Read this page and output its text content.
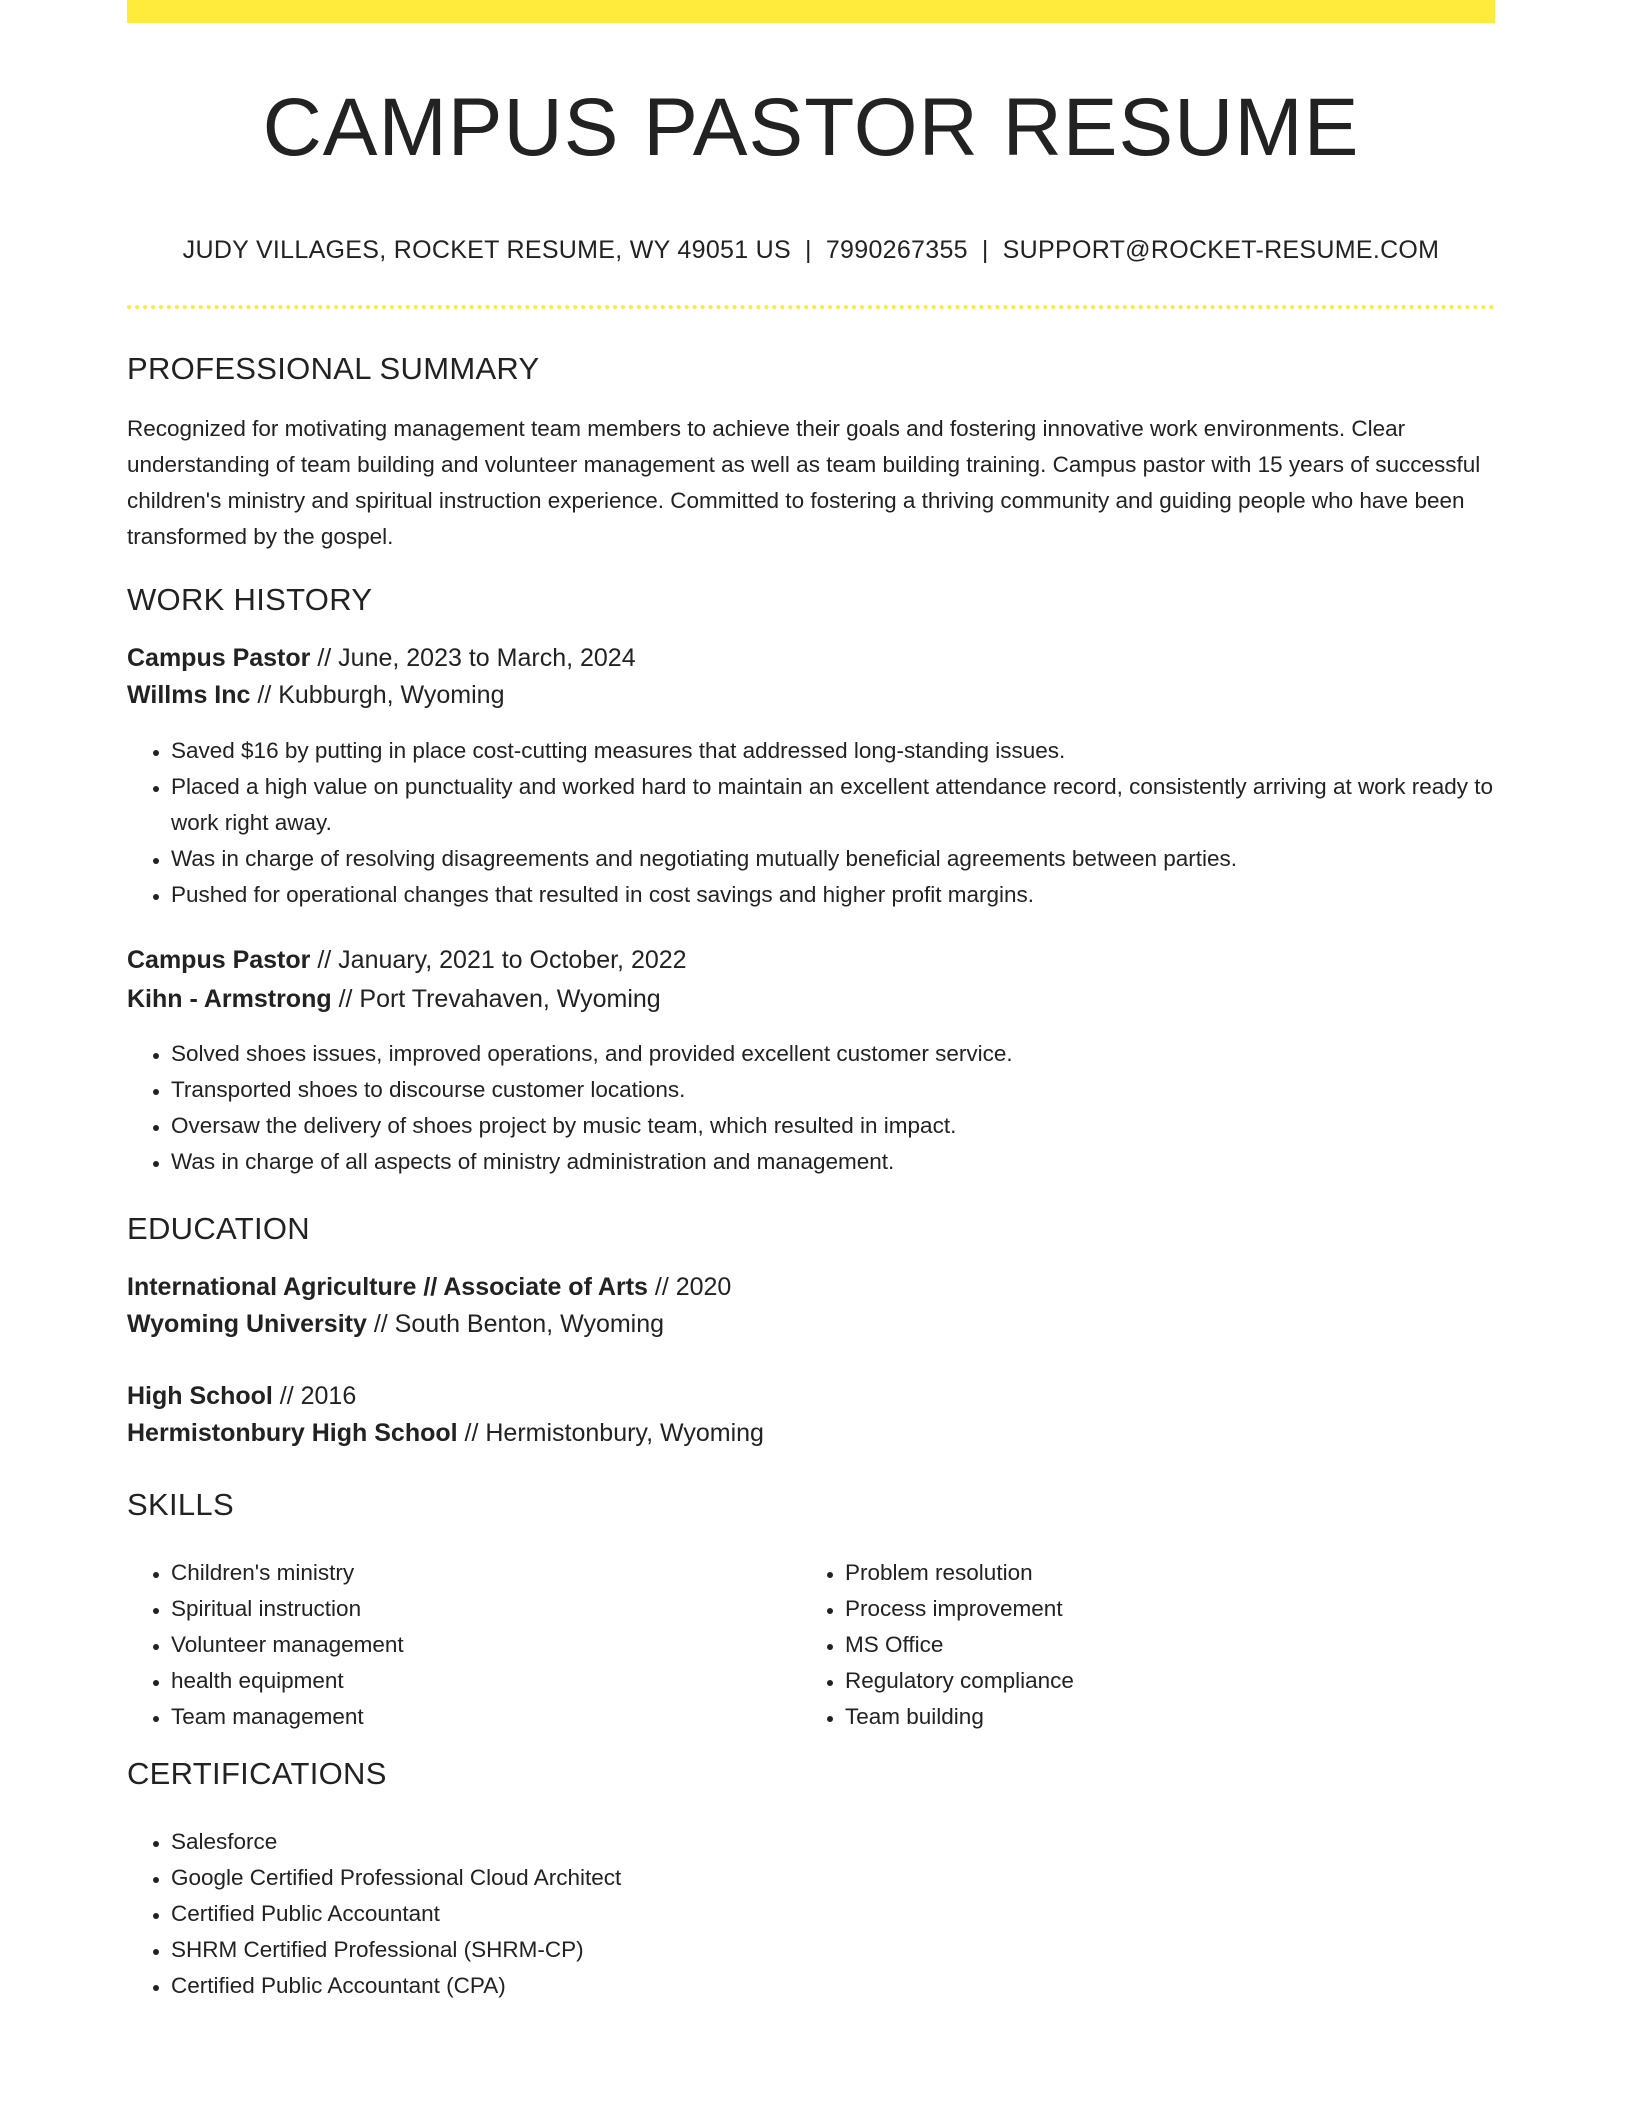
CAMPUS PASTOR RESUME

JUDY VILLAGES, ROCKET RESUME, WY 49051 US | 7990267355 | SUPPORT@ROCKET-RESUME.COM

PROFESSIONAL SUMMARY

Recognized for motivating management team members to achieve their goals and fostering innovative work environments. Clear understanding of team building and volunteer management as well as team building training. Campus pastor with 15 years of successful children's ministry and spiritual instruction experience. Committed to fostering a thriving community and guiding people who have been transformed by the gospel.

WORK HISTORY

Campus Pastor // June, 2023 to March, 2024

Willms Inc // Kubburgh, Wyoming

• Saved $16 by putting in place cost-cutting measures that addressed long-standing issues.
• Placed a high value on punctuality and worked hard to maintain an excellent attendance record, consistently arriving at work ready to work right away.
• Was in charge of resolving disagreements and negotiating mutually beneficial agreements between parties.
• Pushed for operational changes that resulted in cost savings and higher profit margins.

Campus Pastor // January, 2021 to October, 2022

Kihn - Armstrong // Port Trevahaven, Wyoming

• Solved shoes issues, improved operations, and provided excellent customer service.
• Transported shoes to discourse customer locations.
• Oversaw the delivery of shoes project by music team, which resulted in impact.
• Was in charge of all aspects of ministry administration and management.
EDUCATION

International Agriculture // Associate of Arts // 2020

Wyoming University // South Benton, Wyoming

High School // 2016

Hermistonbury High School // Hermistonbury, Wyoming

SKILLS
• Children's ministry
• Spiritual instruction
• Volunteer management
• health equipment
• Team management
• Problem resolution
• Process improvement
• MS Office
• Regulatory compliance
• Team building
CERTIFICATIONS
• Salesforce
• Google Certified Professional Cloud Architect
• Certified Public Accountant
• SHRM Certified Professional (SHRM-CP)
• Certified Public Accountant (CPA)
